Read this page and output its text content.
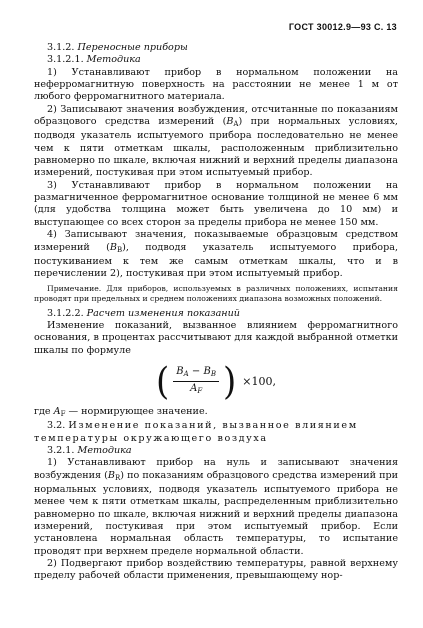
ГОСТ 30012.9—93 С. 13

3.1.2. Переносные приборы

3.1.2.1. Методика

1) Устанавливают прибор в нормальном положении на неферромагнитную поверхность на расстоянии не менее 1 м от любого ферромагнитного материала.

2) Записывают значения возбуждения, отсчитанные по показаниям образцового средства измерений $(B_A)$ при нормальных условиях, подводя указатель испытуемого прибора последовательно не менее чем к пяти отметкам шкалы, расположенным приблизительно равномерно по шкале, включая нижний и верхний пределы диапазона измерений, постукивая при этом испытуемый прибор.

3) Устанавливают прибор в нормальном положении на размагниченное ферромагнитное основание толщиной не менее 6 мм (для удобства толщина может быть увеличена до 10 мм) и выступающее со всех сторон за пределы прибора не менее 150 мм.

4) Записывают значения, показываемые образцовым средством измерений $(B_B)$, подводя указатель испытуемого прибора, постукиванием к тем же самым отметкам шкалы, что и в перечислении 2), постукивая при этом испытуемый прибор.

Примечание. Для приборов, используемых в различных положениях, испытания проводят при предельных и среднем положениях диапазона возможных положений.

3.1.2.2. Расчет изменения показаний

Изменение показаний, вызванное влиянием ферромагнитного основания, в процентах рассчитывают для каждой выбранной отметки шкалы по формуле

( $\frac{B_A - B_B}{A_F}$ ) ×100,

где $A_F$ — нормирующее значение.

3.2. Изменение показаний, вызванное влиянием температуры окружающего воздуха

3.2.1. Методика

1) Устанавливают прибор на нуль и записывают значения возбуждения $(B_R)$ по показаниям образцового средства измерений при нормальных условиях, подводя указатель испытуемого прибора не менее чем к пяти отметкам шкалы, распределенным приблизительно равномерно по шкале, включая нижний и верхний пределы диапазона измерений, постукивая при этом испытуемый прибор. Если установлена нормальная область температуры, то испытание проводят при верхнем пределе нормальной области.

2) Подвергают прибор воздействию температуры, равной верхнему пределу рабочей области применения, превышающему нор-
